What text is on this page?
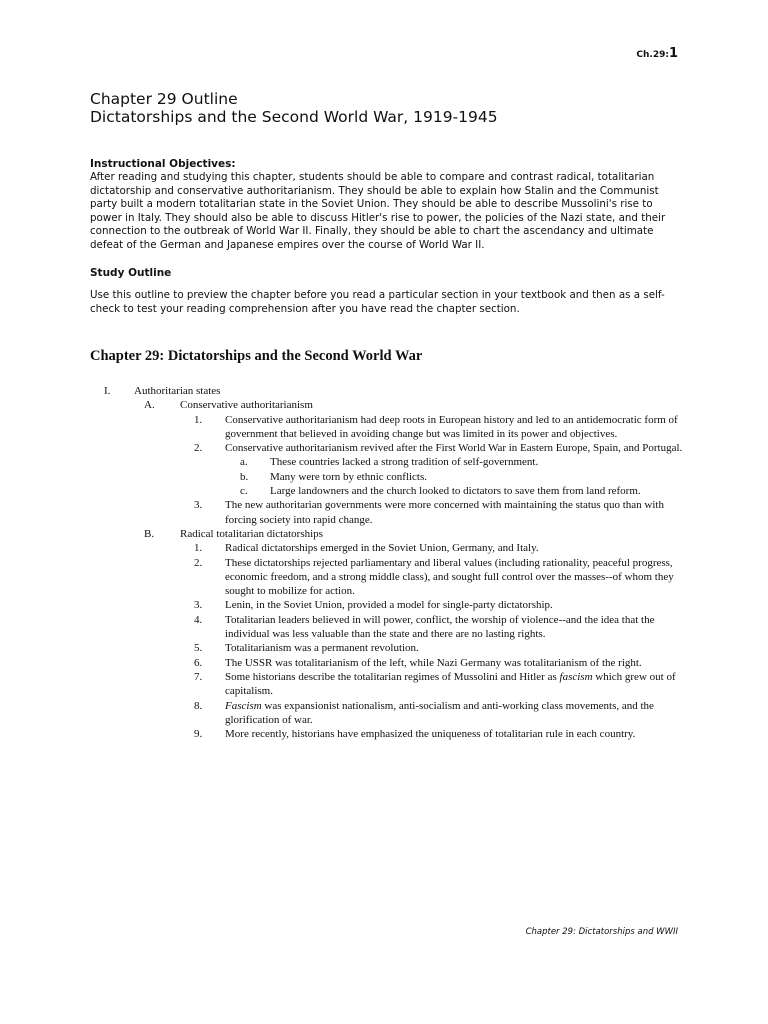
Ch.29:1
Chapter 29 Outline
Dictatorships and the Second World War, 1919-1945
Instructional Objectives:
After reading and studying this chapter, students should be able to compare and contrast radical, totalitarian dictatorship and conservative authoritarianism. They should be able to explain how Stalin and the Communist party built a modern totalitarian state in the Soviet Union. They should be able to describe Mussolini's rise to power in Italy. They should also be able to discuss Hitler's rise to power, the policies of the Nazi state, and their connection to the outbreak of World War II. Finally, they should be able to chart the ascendancy and ultimate defeat of the German and Japanese empires over the course of World War II.
Study Outline
Use this outline to preview the chapter before you read a particular section in your textbook and then as a self-check to test your reading comprehension after you have read the chapter section.
Chapter 29: Dictatorships and the Second World War
I.	Authoritarian states
A.	Conservative authoritarianism
1.	Conservative authoritarianism had deep roots in European history and led to an antidemocratic form of government that believed in avoiding change but was limited in its power and objectives.
2.	Conservative authoritarianism revived after the First World War in Eastern Europe, Spain, and Portugal.
a.	These countries lacked a strong tradition of self-government.
b.	Many were torn by ethnic conflicts.
c.	Large landowners and the church looked to dictators to save them from land reform.
3.	The new authoritarian governments were more concerned with maintaining the status quo than with forcing society into rapid change.
B.	Radical totalitarian dictatorships
1.	Radical dictatorships emerged in the Soviet Union, Germany, and Italy.
2.	These dictatorships rejected parliamentary and liberal values (including rationality, peaceful progress, economic freedom, and a strong middle class), and sought full control over the masses--of whom they sought to mobilize for action.
3.	Lenin, in the Soviet Union, provided a model for single-party dictatorship.
4.	Totalitarian leaders believed in will power, conflict, the worship of violence--and the idea that the individual was less valuable than the state and there are no lasting rights.
5.	Totalitarianism was a permanent revolution.
6.	The USSR was totalitarianism of the left, while Nazi Germany was totalitarianism of the right.
7.	Some historians describe the totalitarian regimes of Mussolini and Hitler as fascism which grew out of capitalism.
8.	Fascism was expansionist nationalism, anti-socialism and anti-working class movements, and the glorification of war.
9.	More recently, historians have emphasized the uniqueness of totalitarian rule in each country.
Chapter 29: Dictatorships and WWII
